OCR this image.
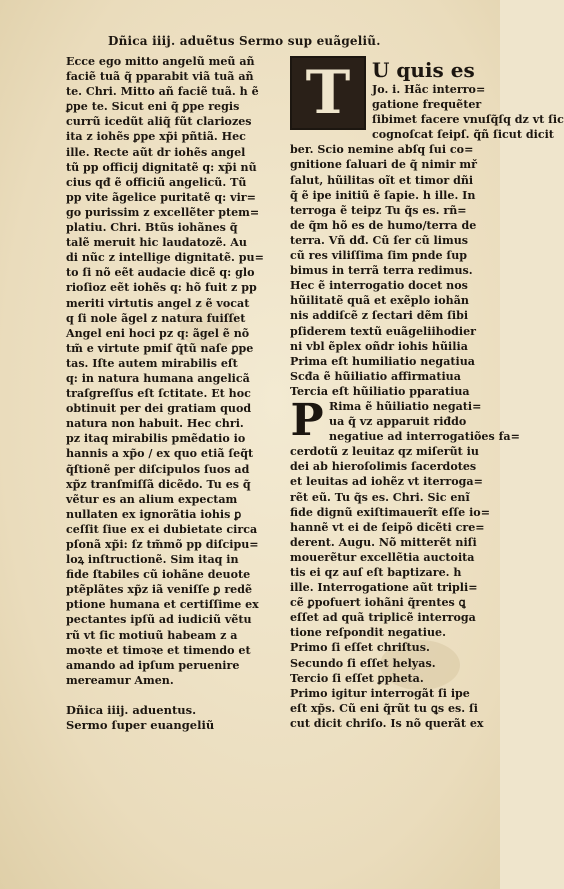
Dñica iiij. aduẽtus Sermo sup euãgeliũ.
Ecce ego mitto angelũ meũ añ
faciẽ tuã q̃ pparabit viã tuã añ
te. Chri. Mitto añ faciẽ tuã. h ẽ
ꝑpe te. Sicut eni q̃ ꝑpe regis
currũ icedũt aliq̃ fũt clariozes
ita z iohẽs ꝑpe xp̃i pñtiã. Hec
ille. Recte aũt dr iohẽs angel
tũ pp officij dignitatẽ q: xp̃i nũ
cius qđ ẽ officiũ angelicũ. Tũ
pp vite ãgelice puritatẽ q: vir=
go purissim z excellẽter ptem=
platiu. Chri. Btũs iohãnes q̃
talẽ meruit hic laudatozẽ. Au
di nũc z intellige dignitatẽ. pu=
to ſi nõ eẽt audacie dicẽ q: glo
rioſioz eẽt iohẽs q: hõ fuit z pp
meriti virtutis angel z ẽ vocat
q ſi nole ãgel z natura fuiſſet
Angel eni hoci pz q: ãgel ẽ nõ
tm̃ e virtute pmiſ q̃tũ naſe ꝑpe
tas. Iſte autem mirabilis eſt
q: in natura humana angelicã
traſgreſſus eſt ſctitate. Et hoc
obtinuit per dei gratiam quod
natura non habuit. Hec chri.
pz itaq mirabilis pmẽdatio io
hannis a xp̃o / ex quo etiã ſeq̃t
q̃ſtionẽ per diſcipulos ſuos ad
xp̃z tranſmiſſã dicẽdo. Tu es q̃
vẽtur es an alium expectam
nullaten ex ignorãtia iohis ꝑ
ceſſit ſiue ex ei dubietate circa
pſonã xp̃i: ſz tm̃mõ pp diſcipu=
loꝝ inſtructionẽ. Sim itaq in
fide ſtabiles cũ iohãne deuote
ptẽplãtes xp̃z iã veniſſe ꝑ redẽ
ptione humana et certiſſime ex
pectantes ipſũ ad iudiciũ vẽtu
rũ vt ſic motiuũ habeam z a
moꝛte et timoꝛe et timendo et
amando ad ipſum peruenire
mereamur Amen.
Dñica iiij. aduentus.
Sermo ſuper euangeliũ
T	U quis es
Jo. i. Hãc interro=
gatione frequẽter
ſibimet facere vnuſq̃ſq dz vt ſic
cognoſcat ſeipſ. q̃ñ ſicut dicit
ber. Scio nemine abſq ſui co=
gnitione ſaluari de q̃ nimir mř
ſalut, hũilitas oĩt et timor dñi
q̃ ẽ ipe initiũ ẽ ſapie. h ille. In
terroga ẽ teipz Tu q̃s es. rñ=
de q̃m hõ es de humo/terra de
terra. Vñ dđ. Cũ ſer cũ limus
cũ res viliſſima ſim pnde ſup
bimus in terrã terra redimus.
Hec ẽ interrogatio docet nos
hũilitatẽ quã et exẽplo iohãn
nis addiſcẽ z ſectari dẽm ſibi
pſiderem textũ euãgeliihodier
ni vbl ẽplex oñdr iohis hũilia
Prima eſt humiliatio negatiua
Scđa ẽ hũiliatio affirmatiua
Tercia eſt hũiliatio pparatiua
P Rima ẽ hũiliatio negati=
ua q̃ vz apparuit riđdo
negatiue ad interrogatiões fa=
cerdotũ z leuitaz qz miſerũt iu
dei ab hieroſolimis ſacerdotes
et leuitas ad iohẽz vt iterroga=
rẽt eũ. Tu q̃s es. Chri. Sic enĩ
fide dignũ exiſtimauerĩt eſſe io=
hannẽ vt ei de ſeipõ dicẽti cre=
derent. Augu. Nõ mitterẽt niſi
mouerẽtur excellẽtia auctoita
tis ei qz auſ eſt baptizare. h
ille. Interrogatione aũt tripli=
cẽ ꝑpofuert iohãni q̃rentes ꝗ
eſſet ad quã triplicẽ interroga
tione reſpondit negatiue.
Primo ſi eſſet chriſtus.
Secundo ſi eſſet helyas.
Tercio ſi eſſet ꝑpheta.
Primo igitur interrogãt ſi ipe
eſt xp̃s. Cũ eni q̃rũt tu ꝗs es. ſi
cut dicit chriſo. Is nõ querãt ex
